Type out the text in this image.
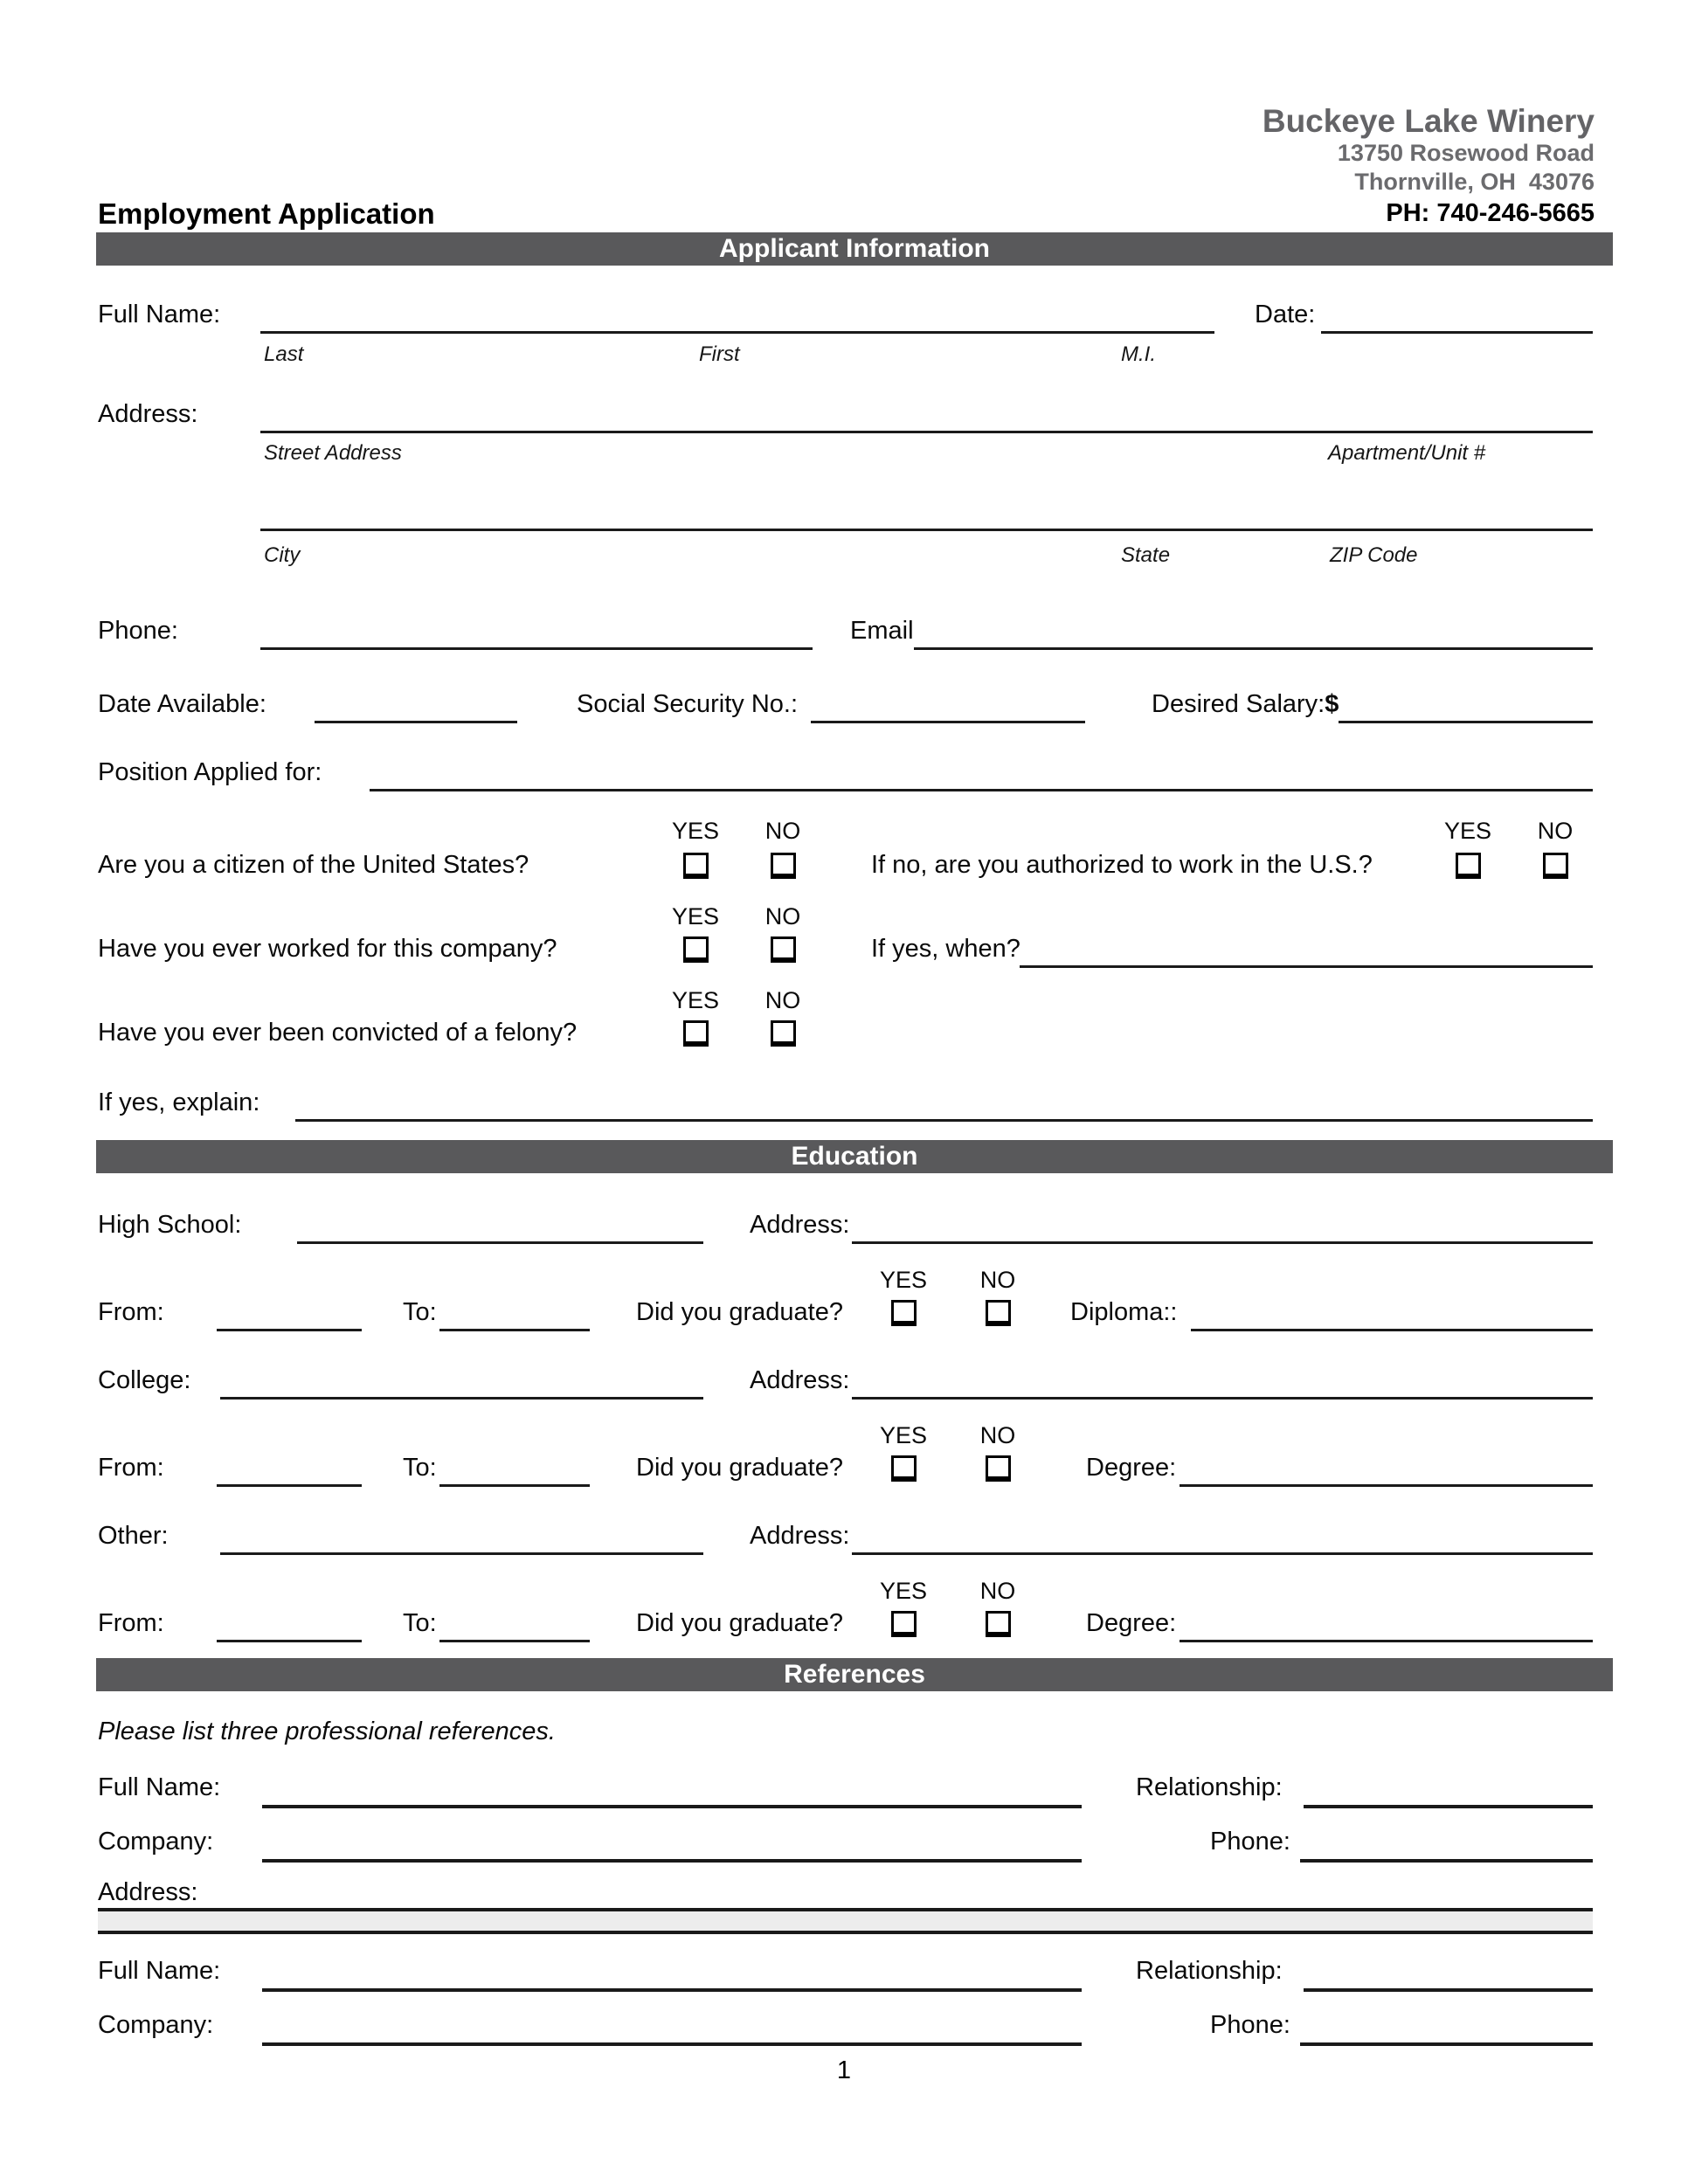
Buckeye Lake Winery
13750 Rosewood Road
Thornville, OH  43076
PH: 740-246-5665
Employment Application
Applicant Information
Full Name:	Date:
Last	First	M.I.
Address:
Street Address	Apartment/Unit #
City	State	ZIP Code
Phone:	Email
Date Available:	Social Security No.:	Desired Salary:$
Position Applied for:
YES	NO	YES	NO
Are you a citizen of the United States?	If no, are you authorized to work in the U.S.?
YES	NO
Have you ever worked for this company?	If yes, when?
YES	NO
Have you ever been convicted of a felony?
If yes, explain:
Education
High School:	Address:
YES	NO
From:	To:	Did you graduate?	Diploma::
College:	Address:
YES	NO
From:	To:	Did you graduate?	Degree:
Other:	Address:
YES	NO
From:	To:	Did you graduate?	Degree:
References
Please list three professional references.
Full Name:	Relationship:
Company:	Phone:
Address:
Full Name:	Relationship:
Company:	Phone:
1
